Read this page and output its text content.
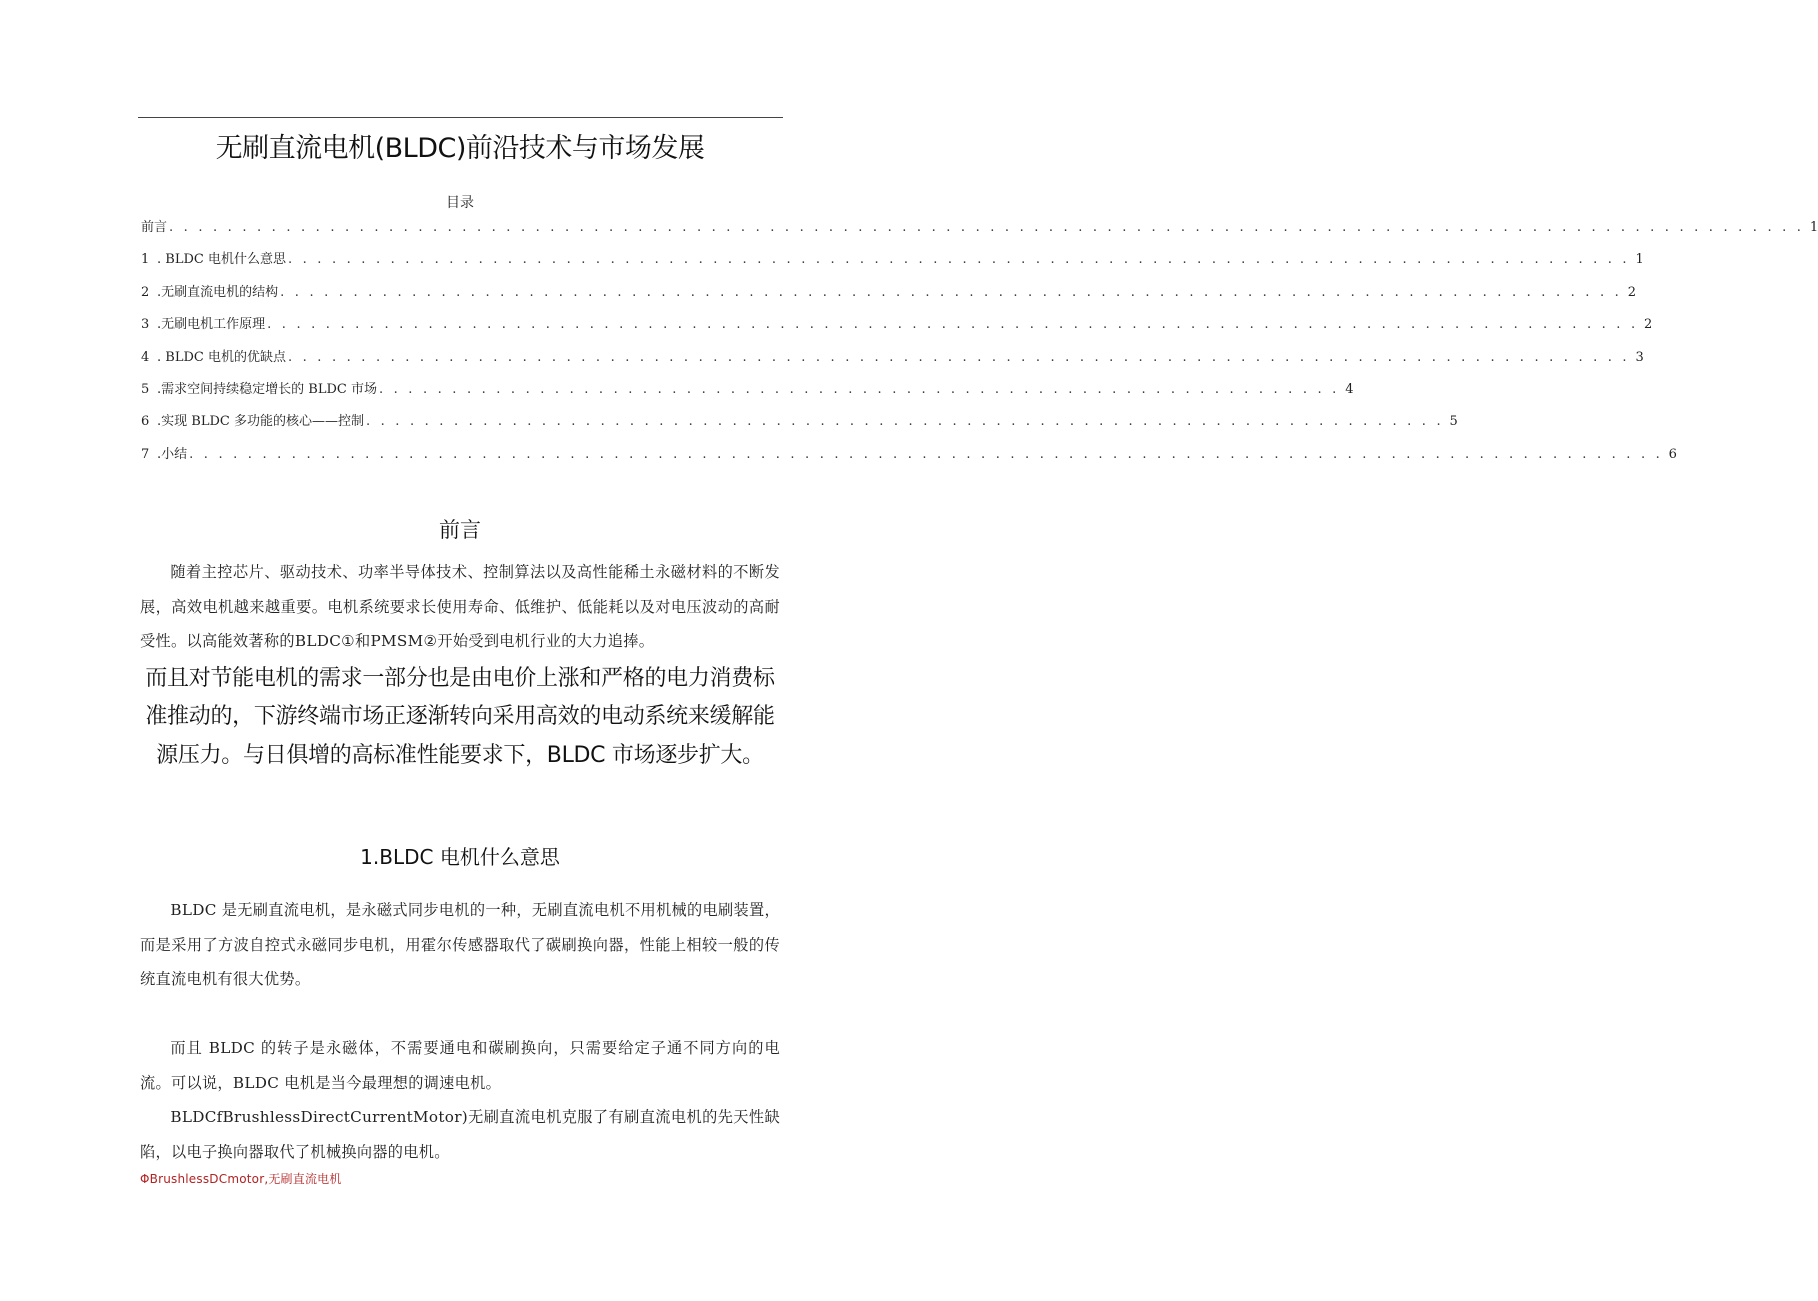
无刷直流电机(BLDC)前沿技术与市场发展
目录
前言 . . . . . . . . . . . . . . . . . . . . . . . . . . . . . . . . . . . . . . . . . . . . . . . . . . . . . . . . . . . . . . . . . . . . . . . . . . . . . . . . . . . . . . . . . . . . . . . . . . . . . . . . . . . . . . . . 1
1 . BLDC 电机什么意思 . . . . . . . . . . . . . . . . . . . . . . . . . . . . . . . . . . . . . . . . . . . . . . . . . . . . . . . . . . . . . . . . . . . . . . . . . . . . . . . . . . . . . . . . . . . . 1
2 .无刷直流电机的结构 . . . . . . . . . . . . . . . . . . . . . . . . . . . . . . . . . . . . . . . . . . . . . . . . . . . . . . . . . . . . . . . . . . . . . . . . . . . . . . . . . . . . . . . . . . . . 2
3 .无刷电机工作原理 . . . . . . . . . . . . . . . . . . . . . . . . . . . . . . . . . . . . . . . . . . . . . . . . . . . . . . . . . . . . . . . . . . . . . . . . . . . . . . . . . . . . . . . . . . . . . . 2
4 . BLDC 电机的优缺点 . . . . . . . . . . . . . . . . . . . . . . . . . . . . . . . . . . . . . . . . . . . . . . . . . . . . . . . . . . . . . . . . . . . . . . . . . . . . . . . . . . . . . . . . . . . . 3
5 .需求空间持续稳定增长的 BLDC 市场 . . . . . . . . . . . . . . . . . . . . . . . . . . . . . . . . . . . . . . . . . . . . . . . . . . . . . . . . . . . . . . . . . . 4
6 .实现 BLDC 多功能的核心——控制 . . . . . . . . . . . . . . . . . . . . . . . . . . . . . . . . . . . . . . . . . . . . . . . . . . . . . . . . . . . . . . . . . . . . . . . . . . 5
7 .小结 . . . . . . . . . . . . . . . . . . . . . . . . . . . . . . . . . . . . . . . . . . . . . . . . . . . . . . . . . . . . . . . . . . . . . . . . . . . . . . . . . . . . . . . . . . . . . . . . . . . . . 6
前言

随着主控芯片、驱动技术、功率半导体技术、控制算法以及高性能稀土永磁材料的不断发展，高效电机越来越重要。电机系统要求长使用寿命、低维护、低能耗以及对电压波动的高耐受性。以高能效著称的BLDC①和PMSM②开始受到电机行业的大力追捧。

而且对节能电机的需求一部分也是由电价上涨和严格的电力消费标准推动的，下游终端市场正逐渐转向采用高效的电动系统来缓解能源压力。与日俱增的高标准性能要求下，BLDC 市场逐步扩大。

1.BLDC 电机什么意思

BLDC 是无刷直流电机，是永磁式同步电机的一种，无刷直流电机不用机械的电刷装置，而是采用了方波自控式永磁同步电机，用霍尔传感器取代了碳刷换向器，性能上相较一般的传统直流电机有很大优势。

而且 BLDC 的转子是永磁体，不需要通电和碳刷换向，只需要给定子通不同方向的电流。可以说，BLDC 电机是当今最理想的调速电机。

BLDCfBrushlessDirectCurrentMotor)无刷直流电机克服了有刷直流电机的先天性缺陷，以电子换向器取代了机械换向器的电机。

ΦBrushlessDCmotor,无刷直流电机
